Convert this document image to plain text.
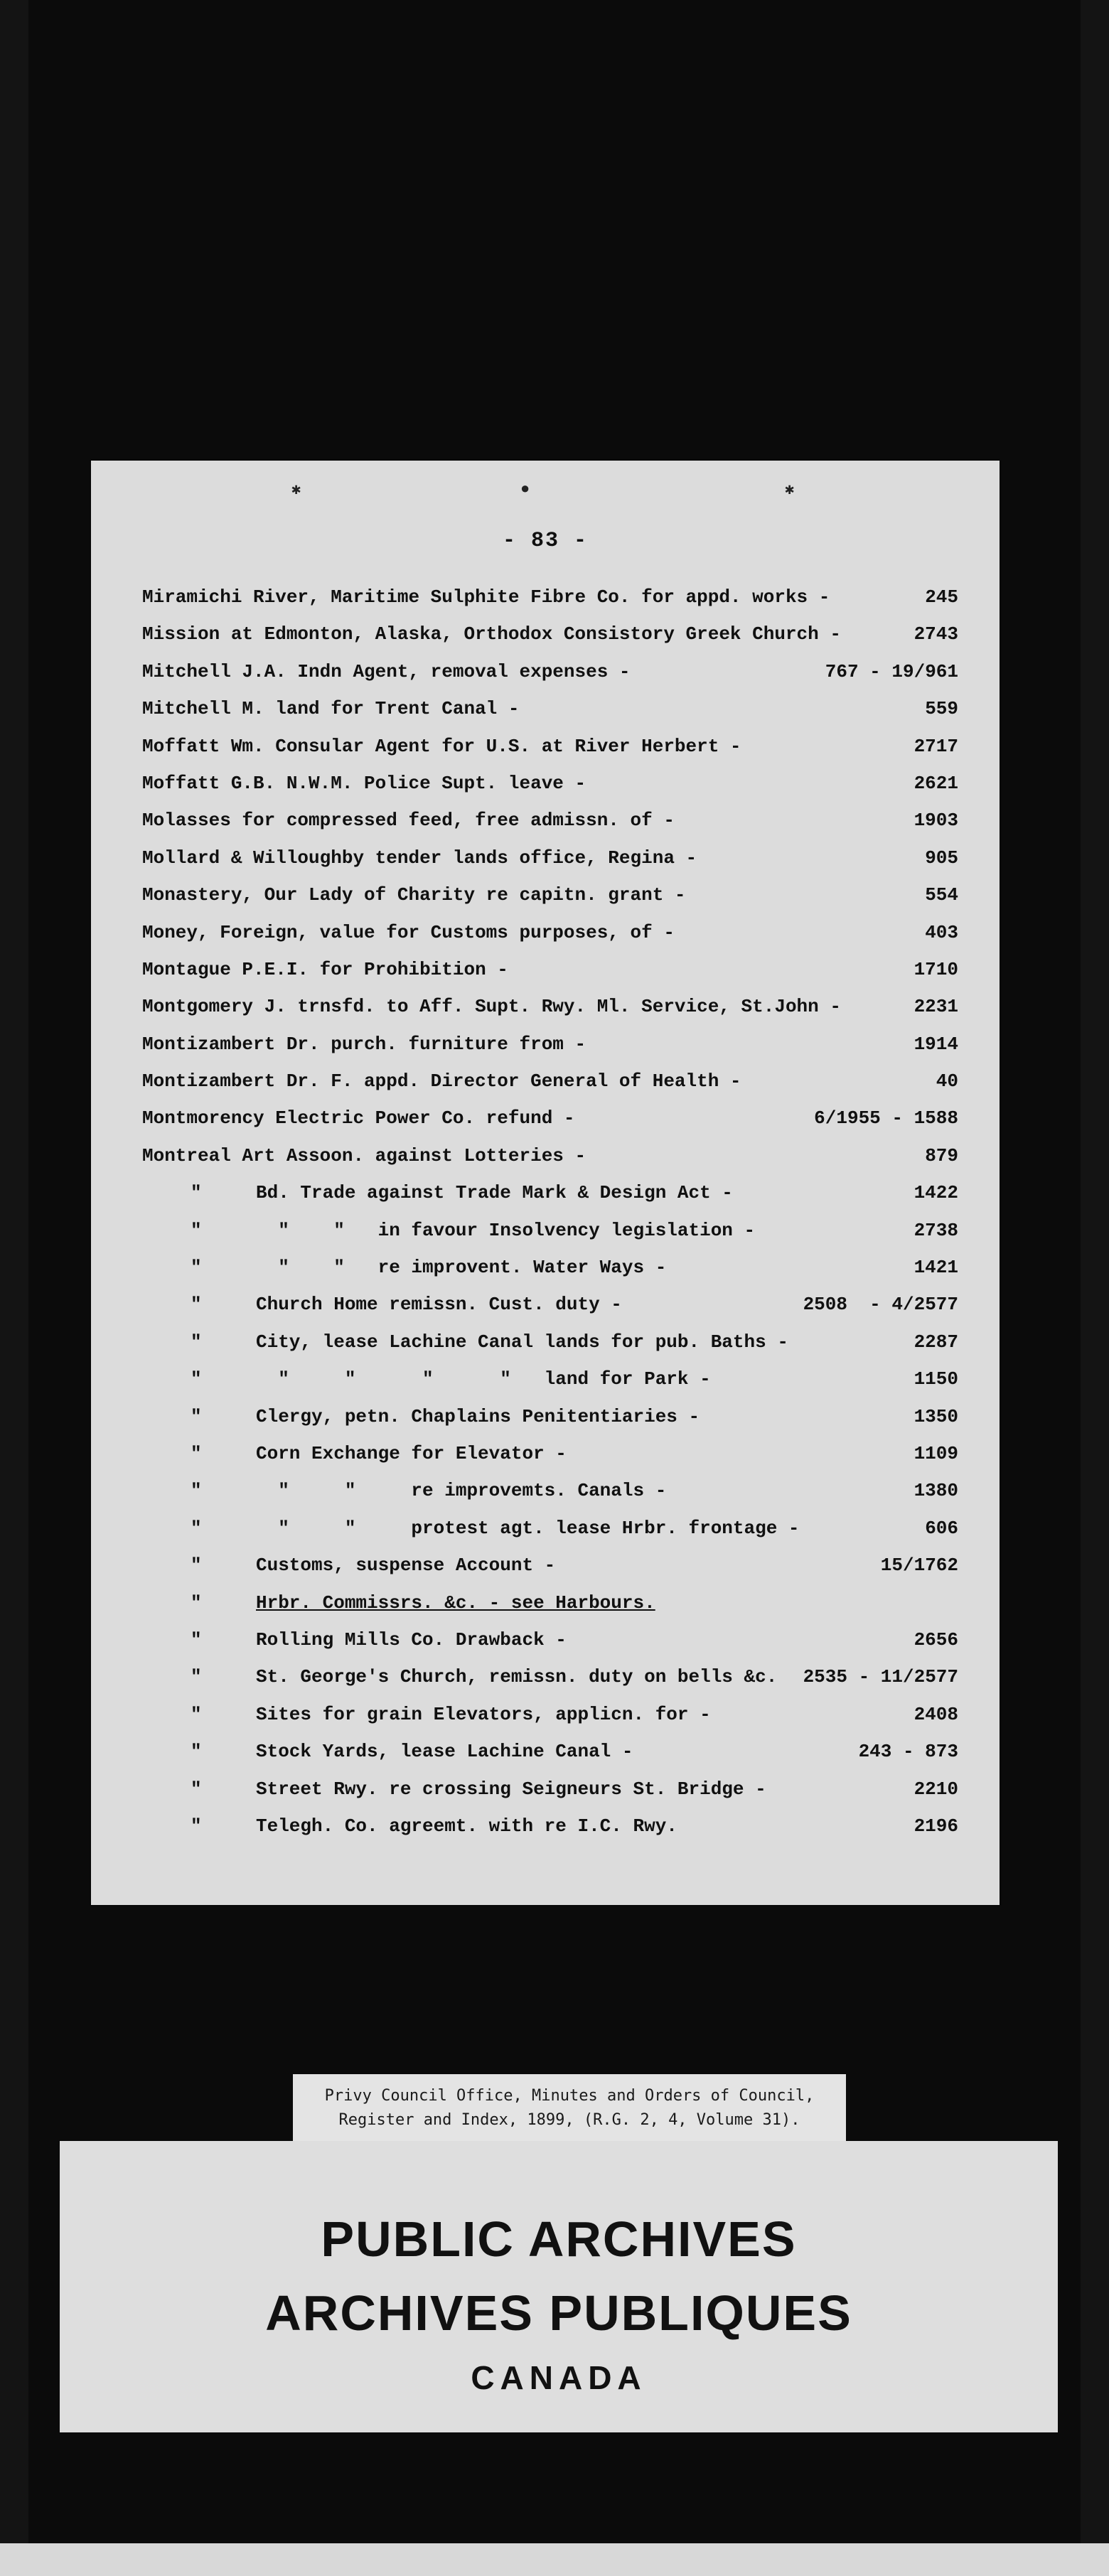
✱	●	✱
- 83 -
Miramichi River, Maritime Sulphite Fibre Co. for appd. works -	245
Mission at Edmonton, Alaska, Orthodox Consistory Greek Church -	2743
Mitchell J.A. Indn Agent, removal expenses -	767 - 19/961
Mitchell M. land for Trent Canal -	559
Moffatt Wm. Consular Agent for U.S. at River Herbert -	2717
Moffatt G.B. N.W.M. Police Supt. leave -	2621
Molasses for compressed feed, free admissn. of -	1903
Mollard & Willoughby tender lands office, Regina -	905
Monastery, Our Lady of Charity re capitn. grant -	554
Money, Foreign, value for Customs purposes, of -	403
Montague P.E.I. for Prohibition -	1710
Montgomery J. trnsfd. to Aff. Supt. Rwy. Ml. Service, St.John -	2231
Montizambert Dr. purch. furniture from -	1914
Montizambert Dr. F. appd. Director General of Health -	40
Montmorency Electric Power Co. refund -	6/1955 - 1588
Montreal Art Assoon. against Lotteries -	879
"	Bd. Trade against Trade Mark & Design Act -	1422
"	"    "   in favour Insolvency legislation -	2738
"	"    "   re improvent. Water Ways -	1421
"	Church Home remissn. Cust. duty -	2508  - 4/2577
"	City, lease Lachine Canal lands for pub. Baths -	2287
"	"     "      "      "   land for Park -	1150
"	Clergy, petn. Chaplains Penitentiaries -	1350
"	Corn Exchange for Elevator -	1109
"	"     "     re improvemts. Canals -	1380
"	"     "     protest agt. lease Hrbr. frontage -	606
"	Customs, suspense Account -	15/1762
"	Hrbr. Commissrs. &c. - see Harbours.
"	Rolling Mills Co. Drawback -	2656
"	St. George's Church, remissn. duty on bells &c. 2535 - 11/2577
"	Sites for grain Elevators, applicn. for -	2408
"	Stock Yards, lease Lachine Canal -	243 - 873
"	Street Rwy. re crossing Seigneurs St. Bridge -	2210
"	Telegh. Co. agreemt. with re I.C. Rwy.	2196
Privy Council Office, Minutes and Orders of Council,
Register and Index, 1899, (R.G. 2, 4, Volume 31).
PUBLIC ARCHIVES
ARCHIVES PUBLIQUES
CANADA
